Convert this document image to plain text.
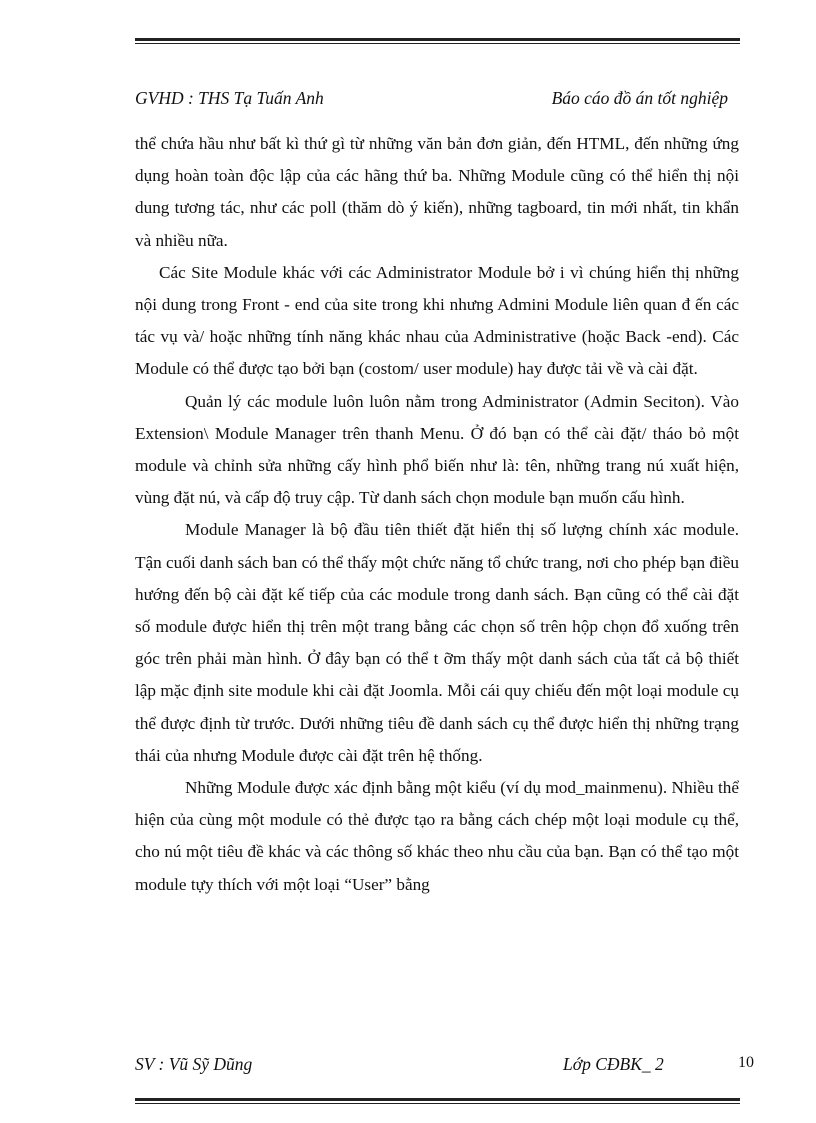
GVHD : THS Tạ Tuấn Anh	Báo cáo đồ án tốt nghiệp

thể chứa hầu như bất kì thứ gì từ những văn bản đơn giản, đến HTML, đến những ứng dụng hoàn toàn độc lập của các hãng thứ ba. Những Module cũng có thể hiển thị nội dung tương tác, như các poll (thăm dò ý kiến), những tagboard, tin mới nhất, tin khẩn và nhiều nữa.

Các Site Module khác với các Administrator Module bở i vì chúng hiển thị những nội dung trong Front - end của site trong khi nhưng Admini Module liên quan đ ến các tác vụ và/ hoặc những tính năng khác nhau của Administrative (hoặc Back -end). Các Module có thể được tạo bởi bạn (costom/ user module) hay được tải về và cài đặt.

Quản lý các module luôn luôn nằm trong Administrator (Admin Seciton). Vào Extension\ Module Manager trên thanh Menu. Ở đó bạn có thể cài đặt/ tháo bỏ một module và chỉnh sửa những cấy hình phổ biến như là: tên, những trang nú xuất hiện, vùng đặt nú, và cấp độ truy cập. Từ danh sách chọn module bạn muốn cấu hình.

Module Manager là bộ đầu tiên thiết đặt hiển thị số lượng chính xác module. Tận cuối danh sách ban có thể thấy một chức năng tổ chức trang, nơi cho phép bạn điều hướng đến bộ cài đặt kế tiếp của các module trong danh sách. Bạn cũng có thể cài đặt số module được hiển thị trên một trang bằng các chọn số trên hộp chọn đổ xuống trên góc trên phải màn hình. Ở đây bạn có thể t ỡm thấy một danh sách của tất cả bộ thiết lập mặc định site module khi cài đặt Joomla. Mỗi cái quy chiếu đến một loại module cụ thể được định từ trước. Dưới những tiêu đề danh sách cụ thể được hiển thị những trạng thái của nhưng Module được cài đặt trên hệ thống.

Những Module được xác định bằng một kiểu (ví dụ mod_mainmenu). Nhiều thể hiện của cùng một module có thẻ được tạo ra bằng cách chép một loại module cụ thể, cho nú một tiêu đề khác và các thông số khác theo nhu cầu của bạn. Bạn có thể tạo một module tựy thích với một loại “User” bằng

SV : Vũ Sỹ Dũng	Lớp CĐBK_ 2	10
